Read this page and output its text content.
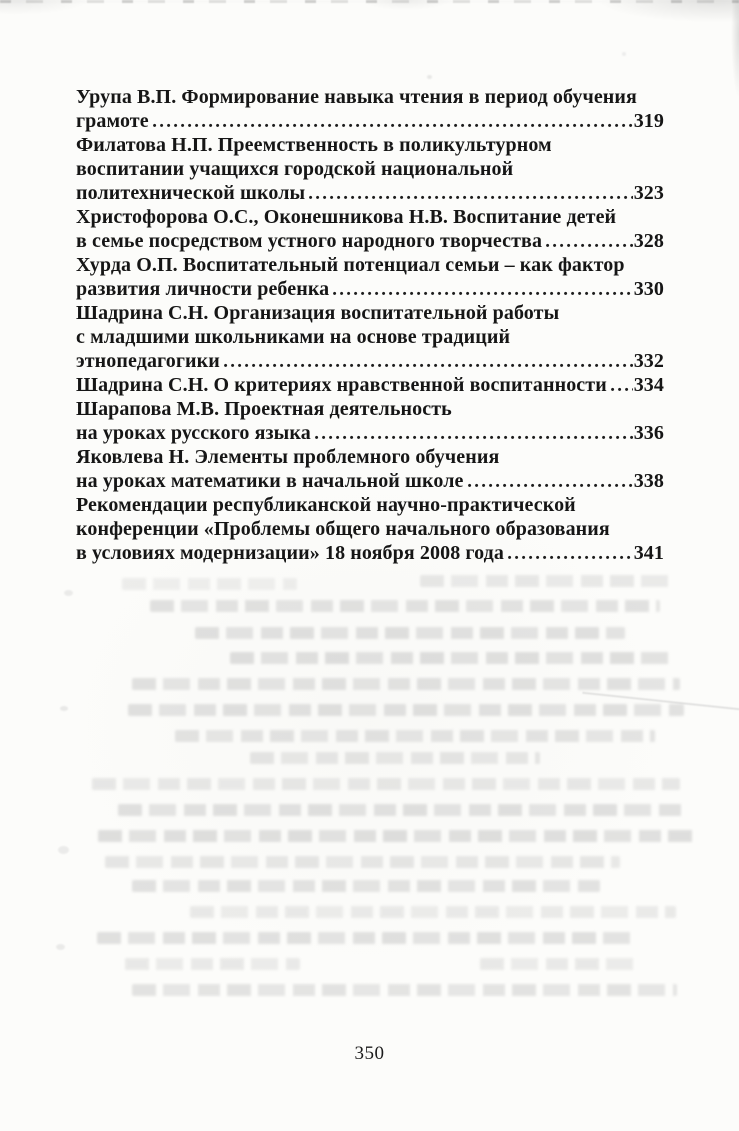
Урупа В.П. Формирование навыка чтения в период обучения
грамоте	319
Филатова Н.П. Преемственность в поликультурном
воспитании учащихся городской национальной
политехнической школы	323
Христофорова О.С., Оконешникова Н.В. Воспитание детей
в семье посредством устного народного творчества	328
Хурда О.П. Воспитательный потенциал семьи – как фактор
развития личности ребенка	330
Шадрина С.Н. Организация воспитательной работы
с младшими школьниками на основе традиций
этнопедагогики	332
Шадрина С.Н. О критериях нравственной воспитанности 334
Шарапова М.В. Проектная деятельность
на уроках русского языка	336
Яковлева Н. Элементы проблемного обучения
на уроках математики в начальной школе	338
Рекомендации республиканской научно-практической
конференции «Проблемы общего начального образования
в условиях модернизации» 18 ноября 2008 года	341
350
